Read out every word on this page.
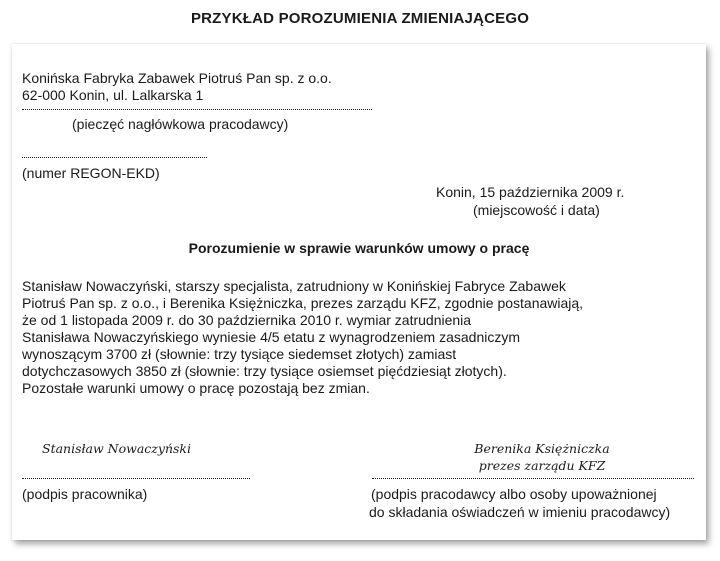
PRZYKŁAD POROZUMIENIA ZMIENIAJĄCEGO
Konińska Fabryka Zabawek Piotruś Pan sp. z o.o.
62-000 Konin, ul. Lalkarska 1
(pieczęć nagłówkowa pracodawcy)
(numer REGON-EKD)
Konin, 15 października 2009 r.
(miejscowość i data)
Porozumienie w sprawie warunków umowy o pracę
Stanisław Nowaczyński, starszy specjalista, zatrudniony w Konińskiej Fabryce Zabawek
Piotruś Pan sp. z o.o., i Berenika Księżniczka, prezes zarządu KFZ, zgodnie postanawiają,
że od 1 listopada 2009 r. do 30 października 2010 r. wymiar zatrudnienia
Stanisława Nowaczyńskiego wyniesie 4/5 etatu z wynagrodzeniem zasadniczym
wynoszącym 3700 zł (słownie: trzy tysiące siedemset złotych) zamiast
dotychczasowych 3850 zł (słownie: trzy tysiące osiemset pięćdziesiąt złotych).
Pozostałe warunki umowy o pracę pozostają bez zmian.
Stanisław Nowaczyński
(podpis pracownika)
Berenika Księżniczka
prezes zarządu KFZ
(podpis pracodawcy albo osoby upoważnionej
do składania oświadczeń w imieniu pracodawcy)
